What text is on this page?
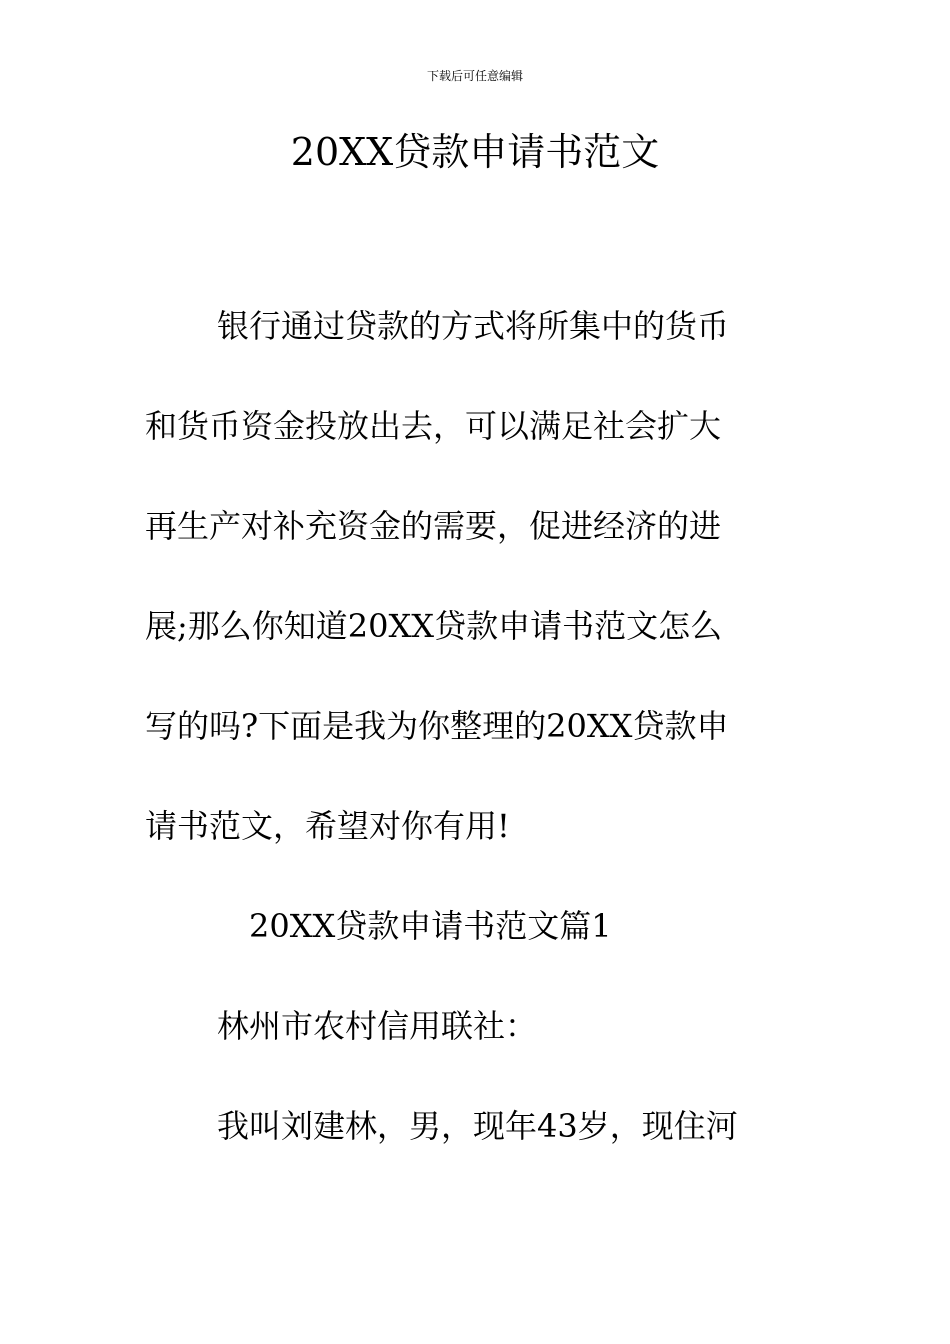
下载后可任意编辑
20XX贷款申请书范文
银行通过贷款的方式将所集中的货币
和货币资金投放出去，可以满足社会扩大
再生产对补充资金的需要，促进经济的进
展;那么你知道20XX贷款申请书范文怎么
写的吗?下面是我为你整理的20XX贷款申
请书范文，希望对你有用!
20XX贷款申请书范文篇1
林州市农村信用联社：
我叫刘建林，男，现年43岁，现住河
